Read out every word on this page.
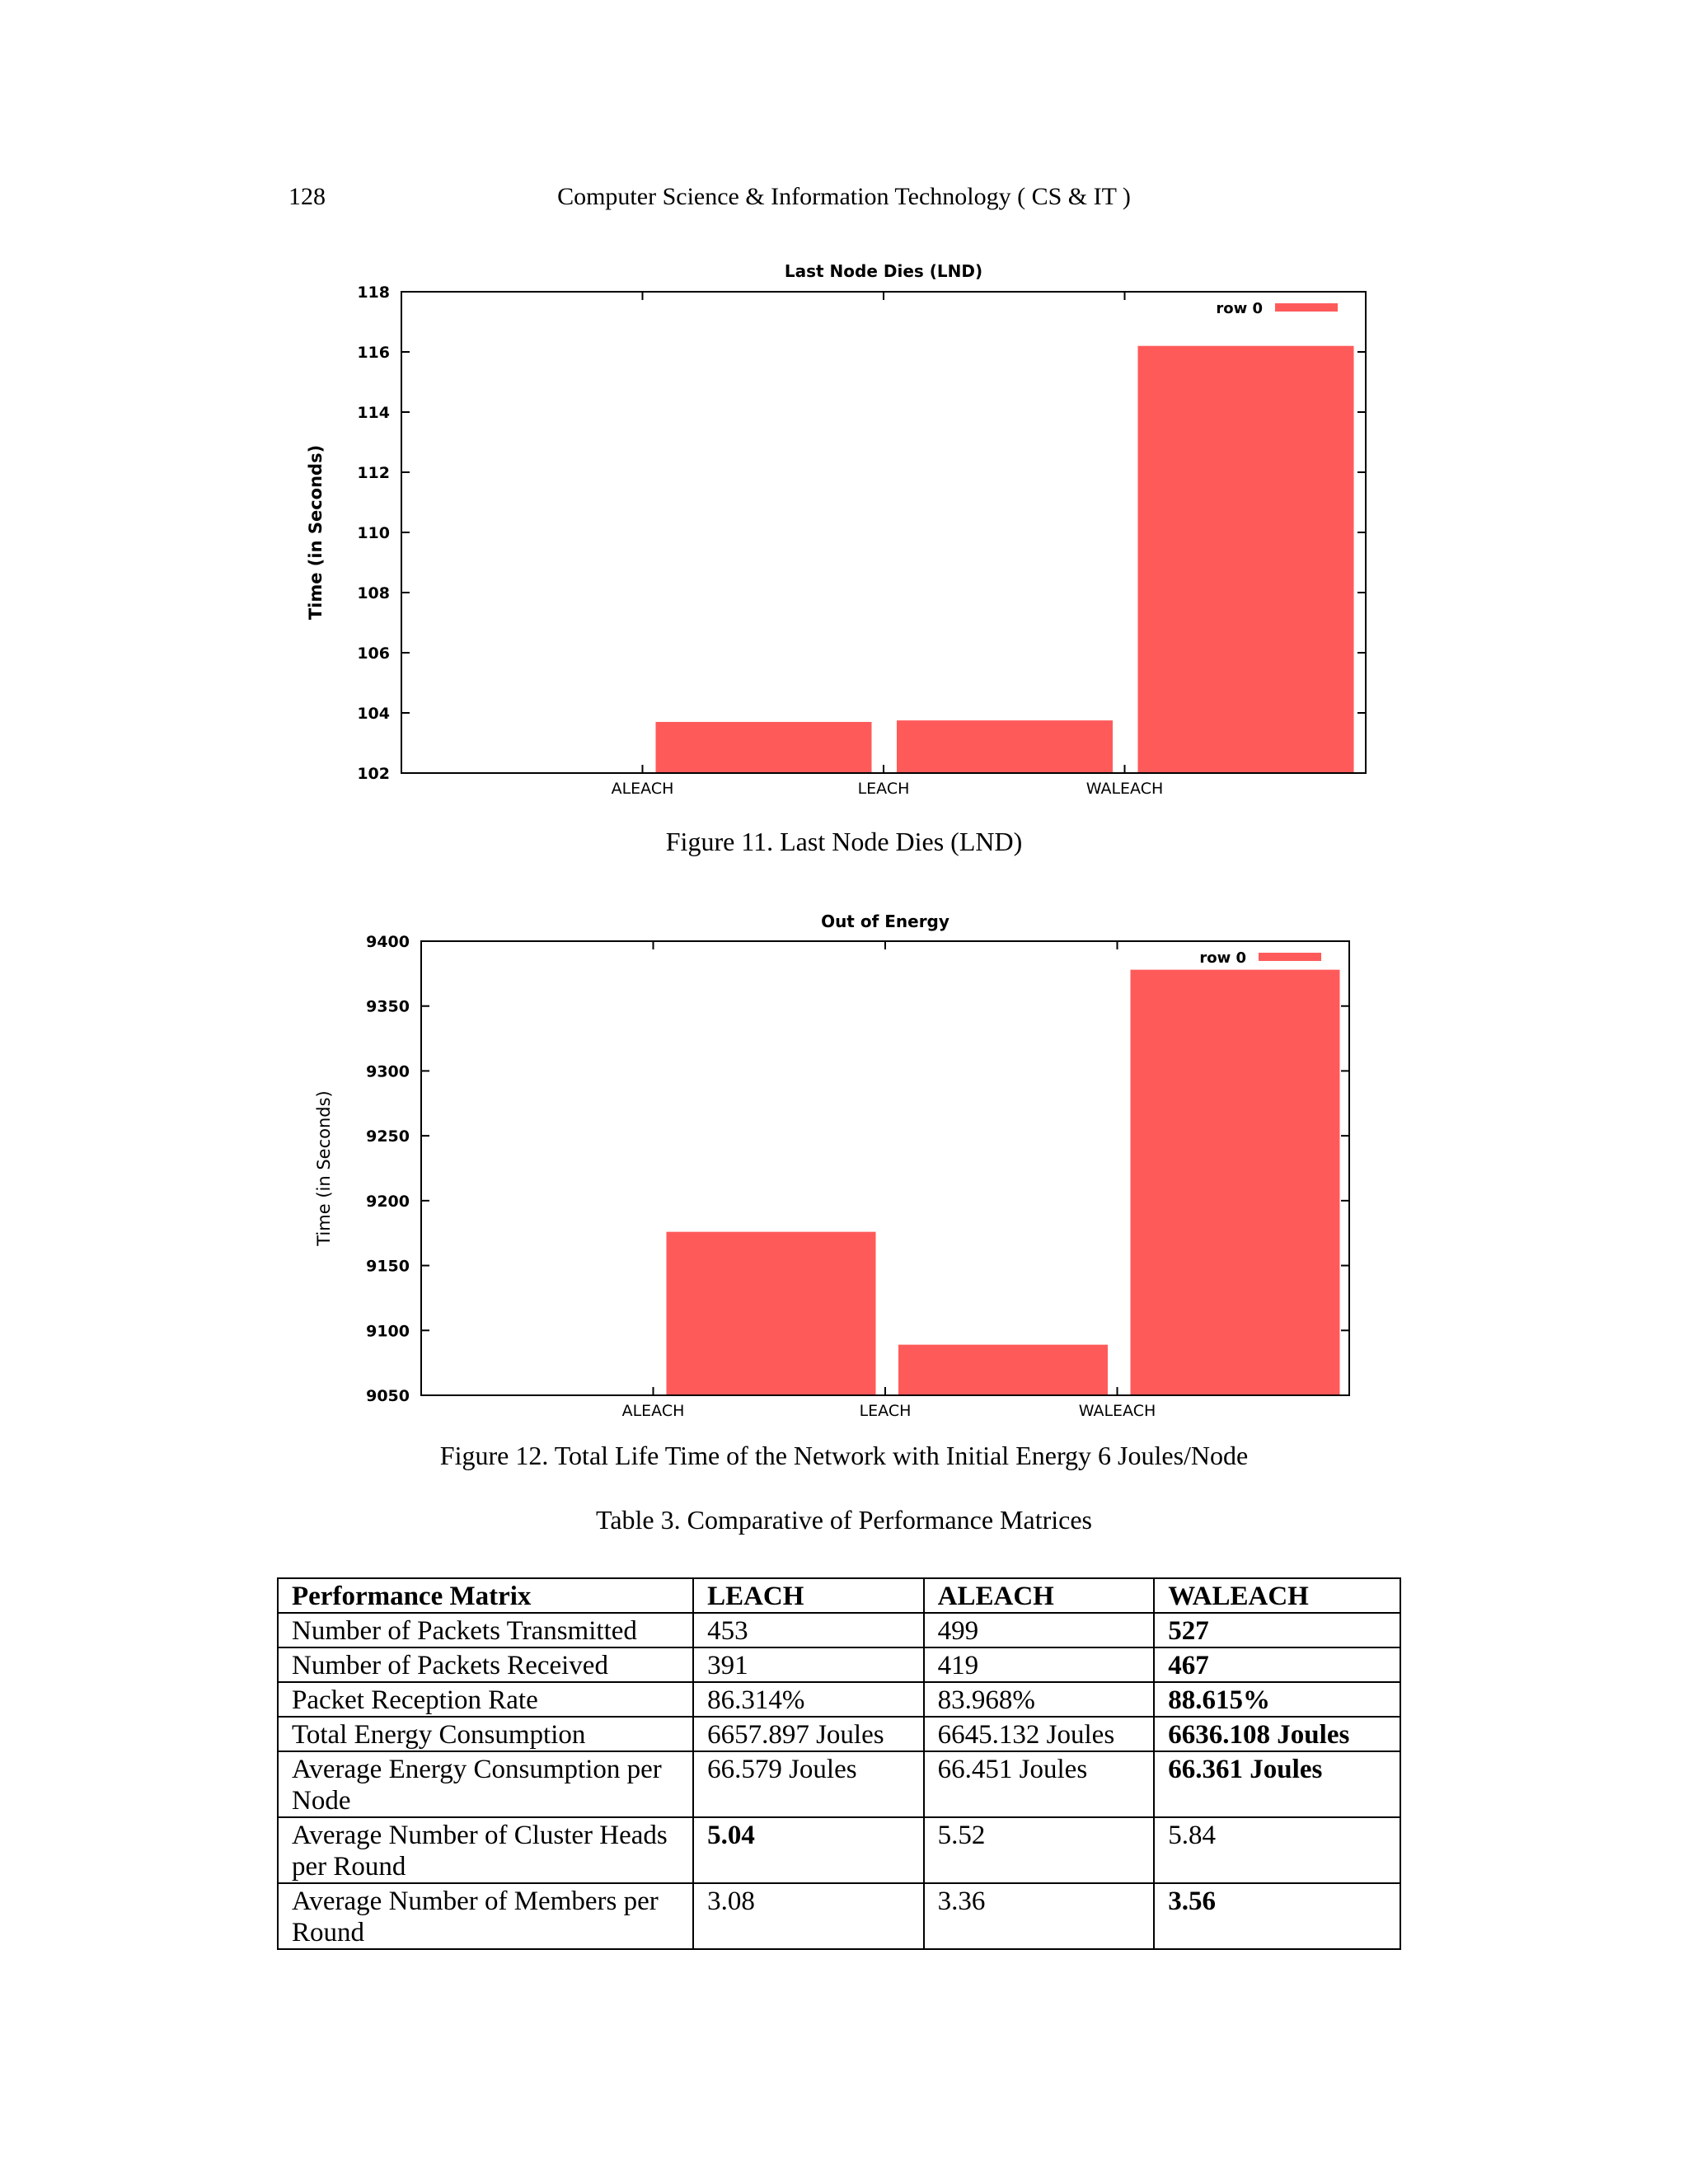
128	Computer Science & Information Technology ( CS & IT )
Last Node Dies (LND)
Time (in Seconds)
102
104
106
108
110
112
114
116
118
ALEACH	LEACH	WALEACH
row 0
Figure 11. Last Node Dies (LND)
Out of Energy
Time (in Seconds)
9050
9100
9150
9200
9250
9300
9350
9400
ALEACH	LEACH	WALEACH
row 0
Figure 12. Total Life Time of the Network with Initial Energy 6 Joules/Node
Table 3. Comparative of Performance Matrices
Performance Matrix	LEACH	ALEACH	WALEACH
Number of Packets Transmitted	453	499	527
Number of Packets Received	391	419	467
Packet Reception Rate	86.314%	83.968%	88.615%
Total Energy Consumption	6657.897 Joules	6645.132 Joules	6636.108 Joules
Average Energy Consumption per Node	66.579 Joules	66.451 Joules	66.361 Joules
Average Number of Cluster Heads per Round	5.04	5.52	5.84
Average Number of Members per Round	3.08	3.36	3.56
